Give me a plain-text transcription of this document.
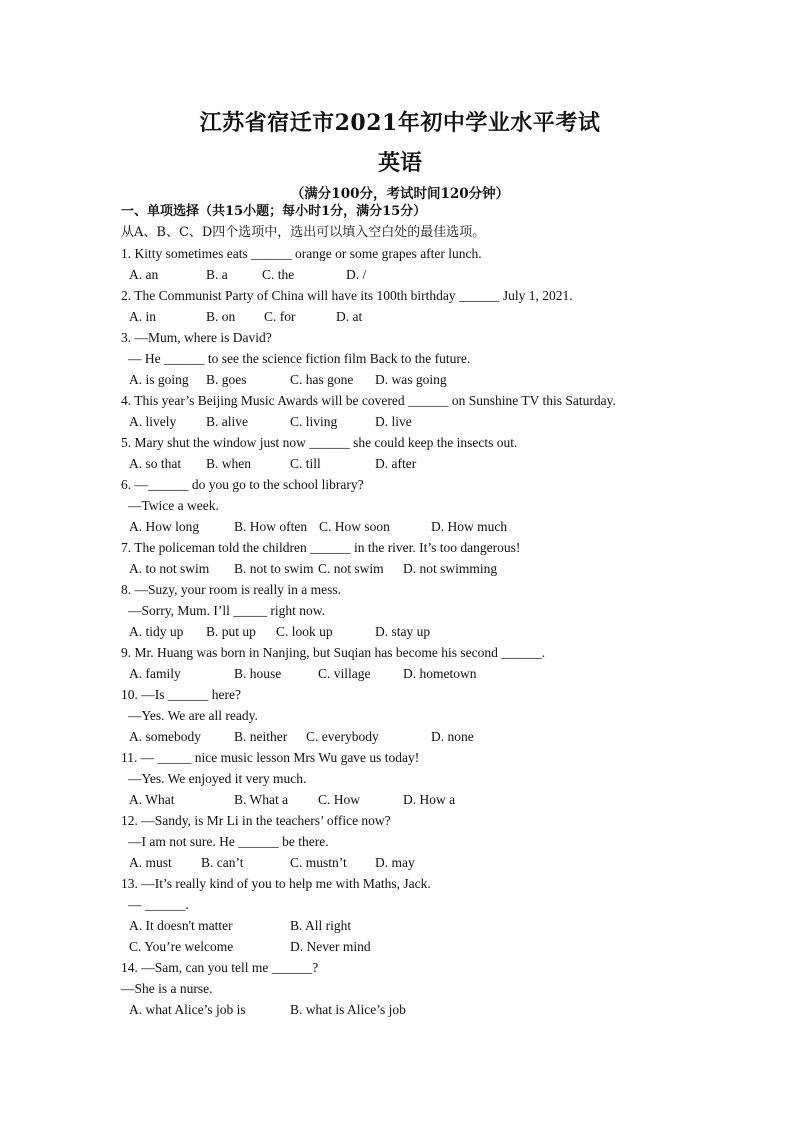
江苏省宿迁市2021年初中学业水平考试
英语
（满分100分，考试时间120分钟）
一、单项选择（共15小题；每小时1分，满分15分）
从A、B、C、D四个选项中，选出可以填入空白处的最佳选项。
1. Kitty sometimes eats ______ orange or some grapes after lunch.
A. an	B. a	C. the	D. /
2. The Communist Party of China will have its 100th birthday ______ July 1, 2021.
A. in	B. on C. for	D. at
3. —Mum, where is David?
— He ______ to see the science fiction film Back to the future.
A. is going B. goes	C. has gone D. was going
4. This year’s Beijing Music Awards will be covered ______ on Sunshine TV this Saturday.
A. lively B. alive	C. living	D. live
5. Mary shut the window just now ______ she could keep the insects out.
A. so that B. when	C. till	D. after
6. —______ do you go to the school library?
—Twice a week.
A. How long	B. How often C. How soon	D. How much
7. The policeman told the children ______ in the river. It’s too dangerous!
A. to not swim B. not to swim C. not swim D. not swimming
8. —Suzy, your room is really in a mess.
—Sorry, Mum. I’ll _____ right now.
A. tidy up B. put up C. look up	D. stay up
9. Mr. Huang was born in Nanjing, but Suqian has become his second ______.
A. family	B. house	C. village D. hometown
10. —Is ______ here?
—Yes. We are all ready.
A. somebody B. neither C. everybody	D. none
11. — _____ nice music lesson Mrs Wu gave us today!
—Yes. We enjoyed it very much.
A. What	B. What a C. How	D. How a
12. —Sandy, is Mr Li in the teachers’ office now?
—I am not sure. He ______ be there.
A. must B. can’t	C. mustn’t D. may
13. —It’s really kind of you to help me with Maths, Jack.
— ______.
A. It doesn't matter	B. All right
C. You’re welcome	D. Never mind
14. —Sam, can you tell me ______?
—She is a nurse.
A. what Alice’s job is	B. what is Alice’s job
